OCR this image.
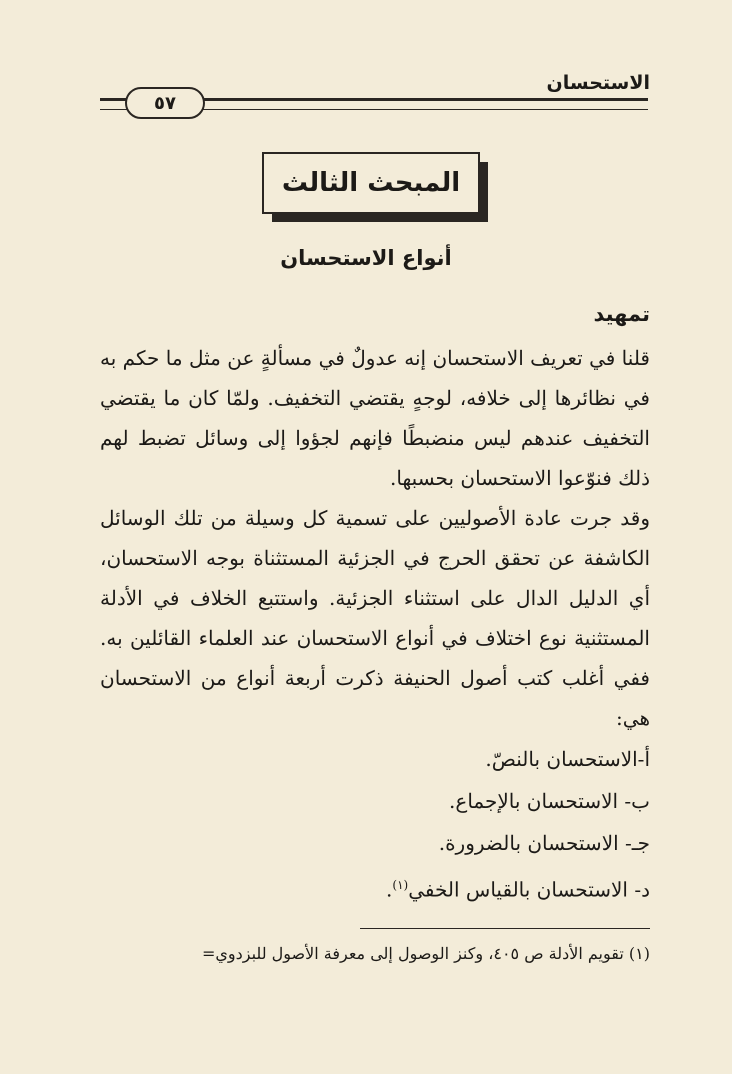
الاستحسان
٥٧
المبحث الثالث
أنواع الاستحسان
تمهيد

قلنا في تعريف الاستحسان إنه عدولٌ في مسألةٍ عن مثل ما حكم به في نظائرها إلى خلافه، لوجهٍ يقتضي التخفيف. ولمّا كان ما يقتضي التخفيف عندهم ليس منضبطًا فإنهم لجؤوا إلى وسائل تضبط لهم ذلك فنوّعوا الاستحسان بحسبها.

وقد جرت عادة الأصوليين على تسمية كل وسيلة من تلك الوسائل الكاشفة عن تحقق الحرج في الجزئية المستثناة بوجه الاستحسان، أي الدليل الدال على استثناء الجزئية. واستتبع الخلاف في الأدلة المستثنية نوع اختلاف في أنواع الاستحسان عند العلماء القائلين به. ففي أغلب كتب أصول الحنيفة ذكرت أربعة أنواع من الاستحسان هي:

أ-الاستحسان بالنصّ.
ب- الاستحسان بالإجماع.
جـ- الاستحسان بالضرورة.
د- الاستحسان بالقياس الخفي$^{(١)}$.
(١) تقويم الأدلة ص ٤٠٥، وكنز الوصول إلى معرفة الأصول للبزدوي=
